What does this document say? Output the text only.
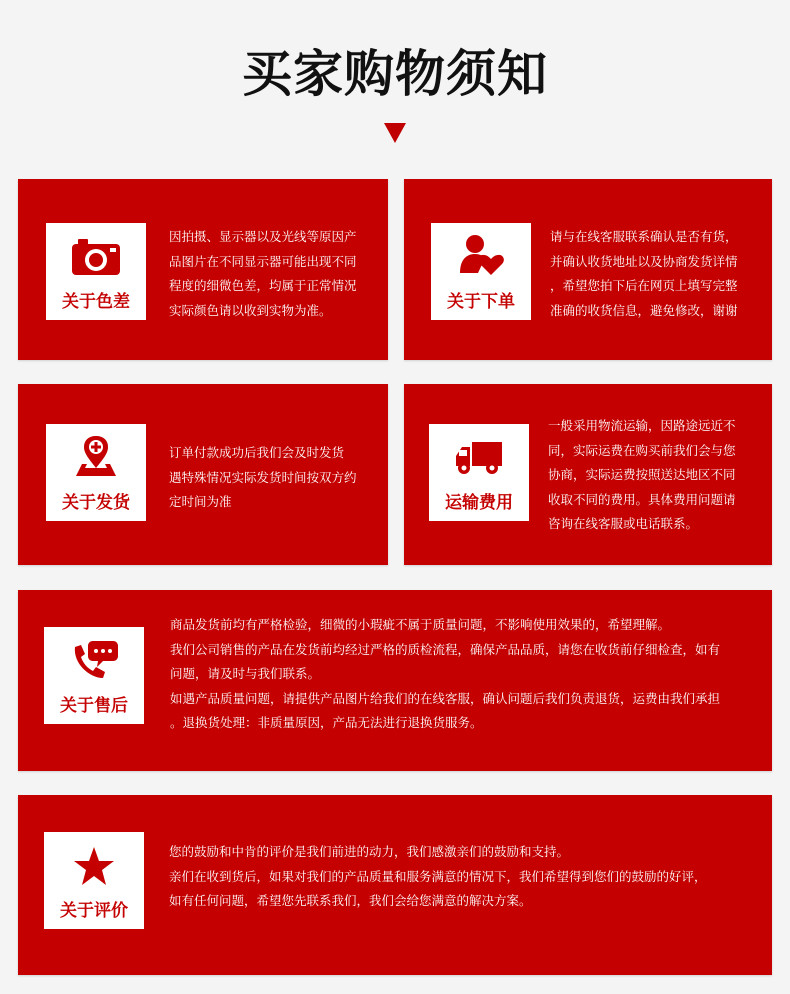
买家购物须知
关于色差

因拍摄、显示器以及光线等原因产

品图片在不同显示器可能出现不同

程度的细微色差，均属于正常情况

实际颜色请以收到实物为准。	关于下单

请与在线客服联系确认是否有货，

并确认收货地址以及协商发货详情

，希望您拍下后在网页上填写完整

准确的收货信息，避免修改，谢谢

关于发货

订单付款成功后我们会及时发货

遇特殊情况实际发货时间按双方约

定时间为准	运输费用

一般采用物流运输，因路途远近不

同，实际运费在购买前我们会与您

协商，实际运费按照送达地区不同

收取不同的费用。具体费用问题请

咨询在线客服或电话联系。

关于售后

商品发货前均有严格检验，细微的小瑕疵不属于质量问题，不影响使用效果的，希望理解。

我们公司销售的产品在发货前均经过严格的质检流程，确保产品品质，请您在收货前仔细检查，如有

问题，请及时与我们联系。

如遇产品质量问题，请提供产品图片给我们的在线客服，确认问题后我们负责退货，运费由我们承担

。退换货处理：非质量原因，产品无法进行退换货服务。

关于评价

您的鼓励和中肯的评价是我们前进的动力，我们感激亲们的鼓励和支持。

亲们在收到货后，如果对我们的产品质量和服务满意的情况下，我们希望得到您们的鼓励的好评，

如有任何问题，希望您先联系我们，我们会给您满意的解决方案。
